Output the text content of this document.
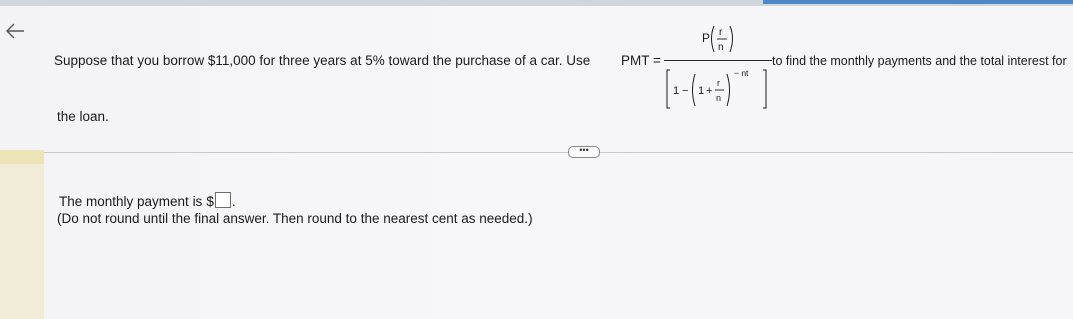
Suppose that you borrow $11,000 for three years at 5% toward the purchase of a car. Use PMT =
P r
n
1 − 1 +
r
n
− nt
to find the monthly payments and the total interest for
the loan.
•••
The monthly payment is $ .
(Do not round until the final answer. Then round to the nearest cent as needed.)
